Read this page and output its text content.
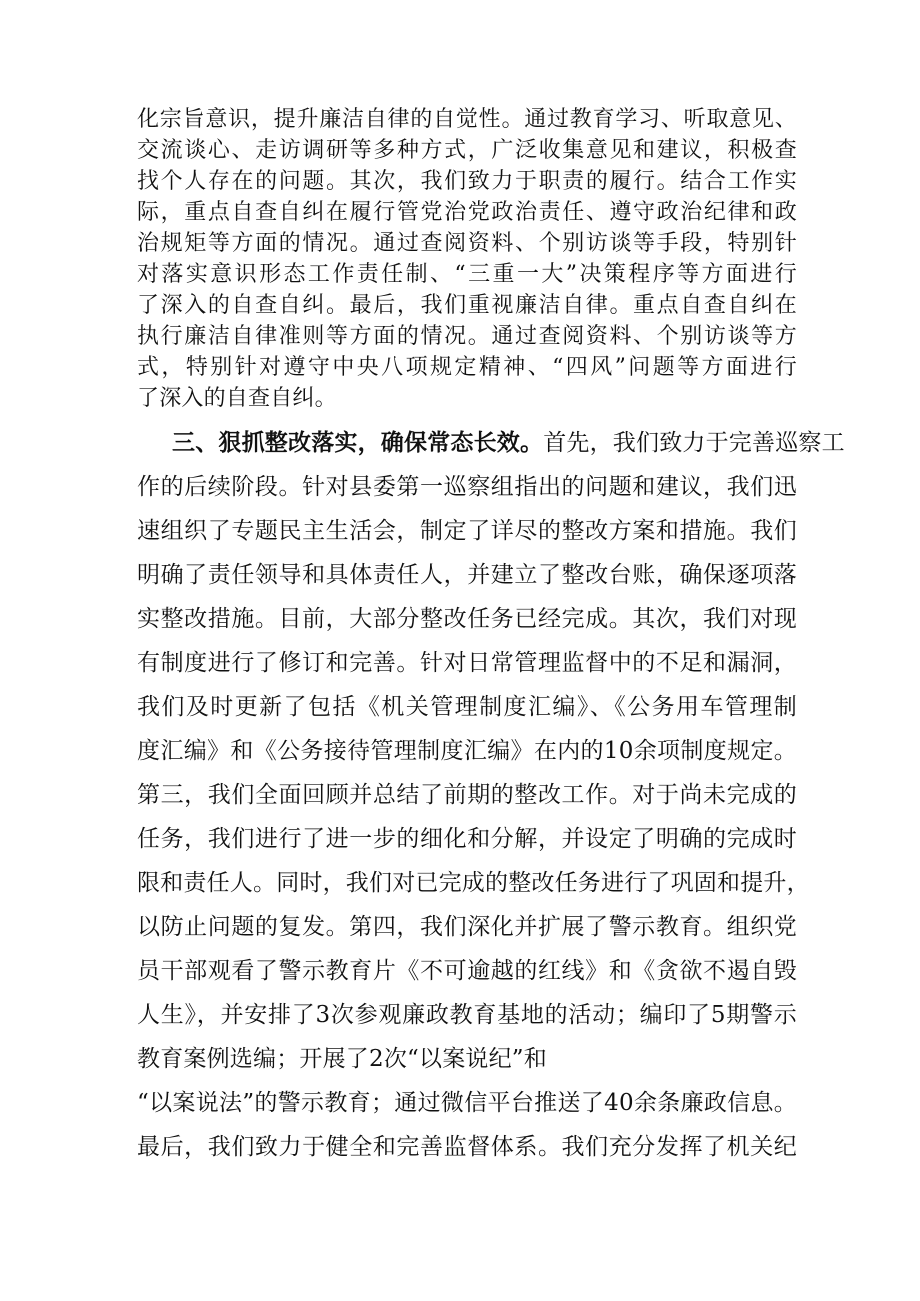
化宗旨意识，提升廉洁自律的自觉性。通过教育学习、听取意见、
交流谈心、走访调研等多种方式，广泛收集意见和建议，积极查
找个人存在的问题。其次，我们致力于职责的履行。结合工作实
际，重点自查自纠在履行管党治党政治责任、遵守政治纪律和政
治规矩等方面的情况。通过查阅资料、个别访谈等手段，特别针
对落实意识形态工作责任制、“三重一大”决策程序等方面进行
了深入的自查自纠。最后，我们重视廉洁自律。重点自查自纠在
执行廉洁自律准则等方面的情况。通过查阅资料、个别访谈等方
式，特别针对遵守中央八项规定精神、“四风”问题等方面进行
了深入的自查自纠。
三、狠抓整改落实，确保常态长效。首先，我们致力于完善巡察工
作的后续阶段。针对县委第一巡察组指出的问题和建议，我们迅
速组织了专题民主生活会，制定了详尽的整改方案和措施。我们
明确了责任领导和具体责任人，并建立了整改台账，确保逐项落
实整改措施。目前，大部分整改任务已经完成。其次，我们对现
有制度进行了修订和完善。针对日常管理监督中的不足和漏洞，
我们及时更新了包括《机关管理制度汇编》、《公务用车管理制
度汇编》和《公务接待管理制度汇编》在内的10余项制度规定。
第三，我们全面回顾并总结了前期的整改工作。对于尚未完成的
任务，我们进行了进一步的细化和分解，并设定了明确的完成时
限和责任人。同时，我们对已完成的整改任务进行了巩固和提升，
以防止问题的复发。第四，我们深化并扩展了警示教育。组织党
员干部观看了警示教育片《不可逾越的红线》和《贪欲不遏自毁
人生》，并安排了3次参观廉政教育基地的活动；编印了5期警示
教育案例选编；开展了2次“以案说纪”和
“以案说法”的警示教育；通过微信平台推送了40余条廉政信息。
最后，我们致力于健全和完善监督体系。我们充分发挥了机关纪
